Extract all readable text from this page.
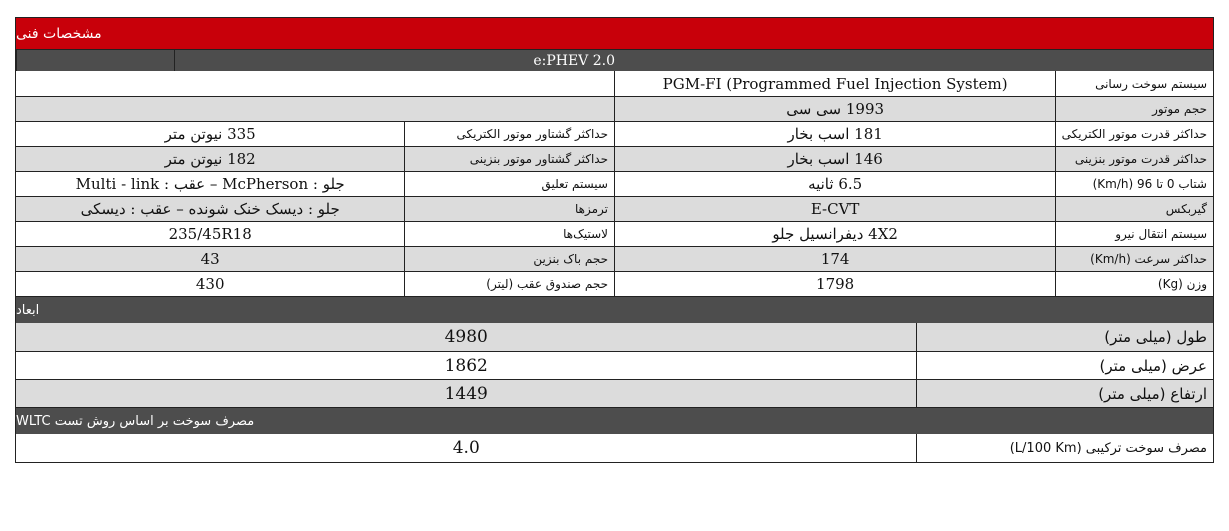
مشخصات فنی
2.0 e:PHEV
سیستم سوخت رسانی
PGM-FI (Programmed Fuel Injection System)
حجم موتور
1993 سی سی
حداکثر قدرت موتور الکتریکی
181 اسب بخار
حداکثر گشتاور موتور الکتریکی
335 نیوتن متر
حداکثر قدرت موتور بنزینی
146 اسب بخار
حداکثر گشتاور موتور بنزینی
182 نیوتن متر
شتاب 0 تا 96 (Km/h)
6.5 ثانیه
سیستم تعلیق
جلو : McPherson – عقب : Multi - link
گیربکس
E-CVT
ترمزها
جلو : دیسک خنک شونده – عقب : دیسکی
سیستم انتقال نیرو
4X2 دیفرانسیل جلو
لاستیک‌ها
235/45R18
حداکثر سرعت (Km/h)
174
حجم باک بنزین
43
وزن (Kg)
1798
حجم صندوق عقب (لیتر)
430
ابعاد
طول (میلی متر)
4980
عرض (میلی متر)
1862
ارتفاع (میلی متر)
1449
مصرف سوخت بر اساس روش تست WLTC
مصرف سوخت ترکیبی (L/100 Km)
4.0
